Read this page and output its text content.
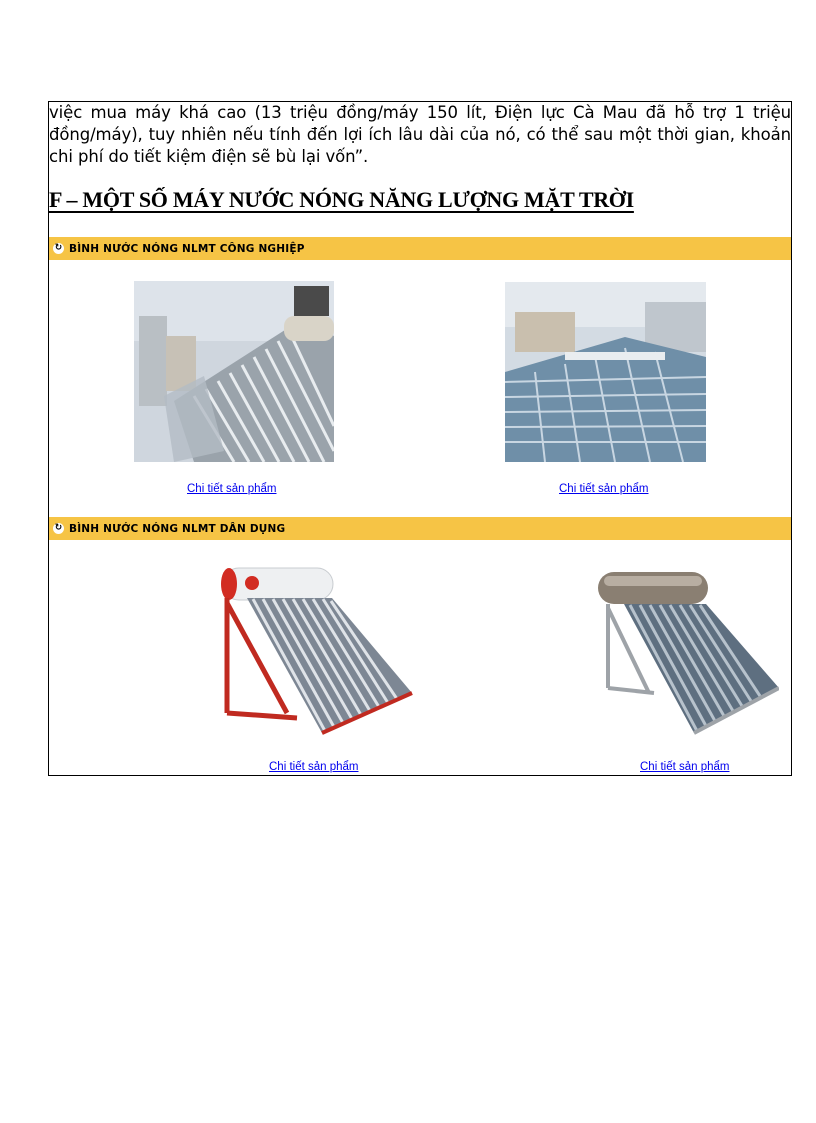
việc mua máy khá cao (13 triệu đồng/máy 150 lít, Điện lực Cà Mau đã hỗ trợ 1 triệu đồng/máy), tuy nhiên nếu tính đến lợi ích lâu dài của nó, có thể sau một thời gian, khoản chi phí do tiết kiệm điện sẽ bù lại vốn”.

F – MỘT SỐ MÁY NƯỚC NÓNG NĂNG LƯỢNG MẶT TRỜI
↻ BÌNH NƯỚC NÓNG NLMT CÔNG NGHIỆP
Chi tiết sản phẩm	Chi tiết sản phẩm
↻ BÌNH NƯỚC NÓNG NLMT DÂN DỤNG
Chi tiết sản phẩm	Chi tiết sản phẩm
